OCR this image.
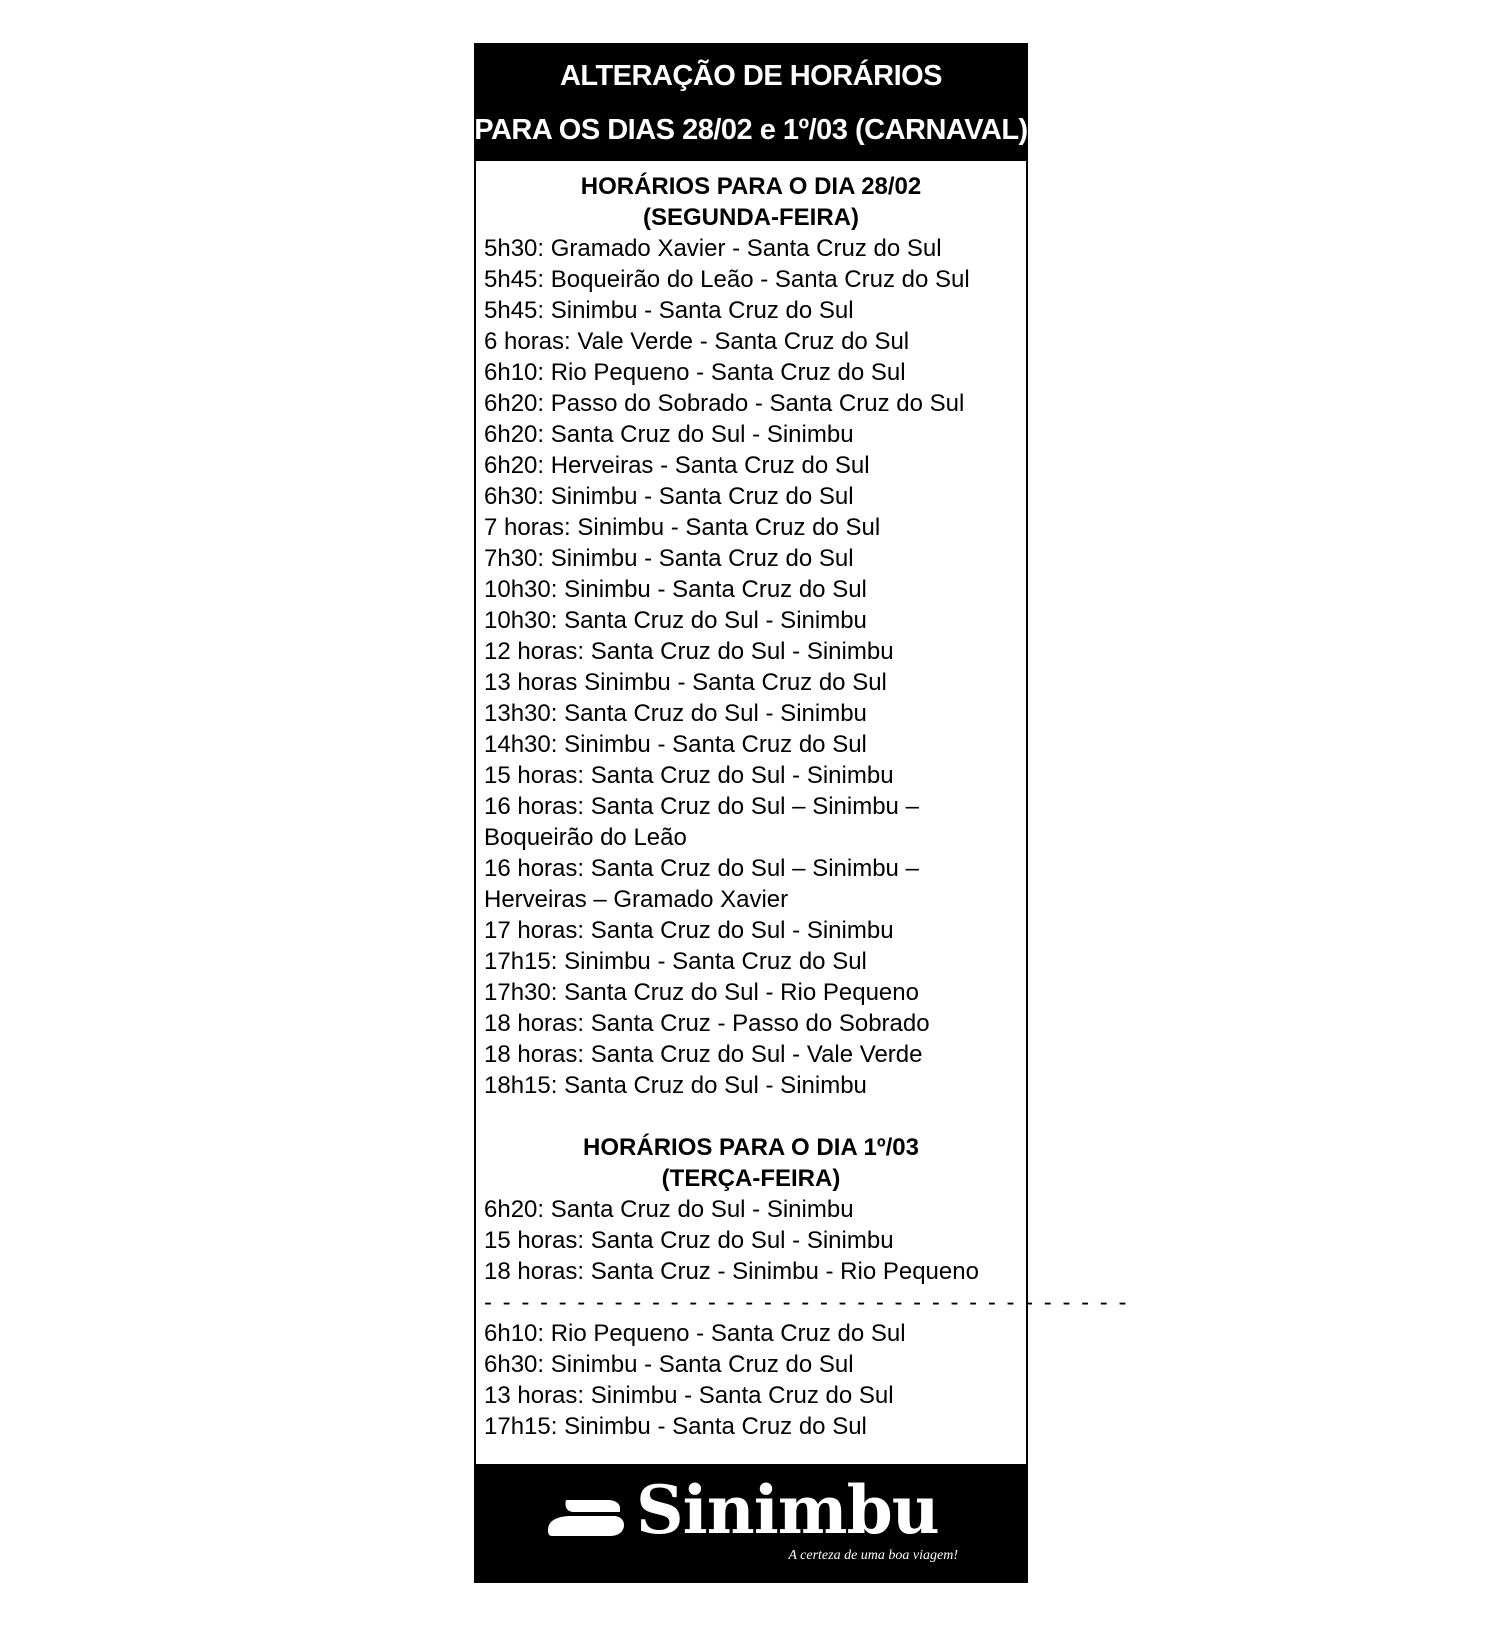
ALTERAÇÃO DE HORÁRIOS
PARA OS DIAS 28/02 e 1º/03 (CARNAVAL)
HORÁRIOS PARA O DIA 28/02
(SEGUNDA-FEIRA)
5h30: Gramado Xavier - Santa Cruz do Sul
5h45: Boqueirão do Leão - Santa Cruz do Sul
5h45: Sinimbu - Santa Cruz do Sul
6 horas: Vale Verde - Santa Cruz do Sul
6h10: Rio Pequeno - Santa Cruz do Sul
6h20: Passo do Sobrado - Santa Cruz do Sul
6h20: Santa Cruz do Sul - Sinimbu
6h20: Herveiras - Santa Cruz do Sul
6h30: Sinimbu - Santa Cruz do Sul
7 horas: Sinimbu - Santa Cruz do Sul
7h30: Sinimbu - Santa Cruz do Sul
10h30: Sinimbu - Santa Cruz do Sul
10h30: Santa Cruz do Sul - Sinimbu
12 horas: Santa Cruz do Sul - Sinimbu
13 horas Sinimbu - Santa Cruz do Sul
13h30: Santa Cruz do Sul - Sinimbu
14h30: Sinimbu - Santa Cruz do Sul
15 horas: Santa Cruz do Sul - Sinimbu
16 horas: Santa Cruz do Sul – Sinimbu –
Boqueirão do Leão
16 horas: Santa Cruz do Sul – Sinimbu –
Herveiras – Gramado Xavier
17 horas: Santa Cruz do Sul - Sinimbu
17h15: Sinimbu - Santa Cruz do Sul
17h30: Santa Cruz do Sul - Rio Pequeno
18 horas: Santa Cruz - Passo do Sobrado
18 horas: Santa Cruz do Sul - Vale Verde
18h15: Santa Cruz do Sul - Sinimbu
HORÁRIOS PARA O DIA 1º/03
(TERÇA-FEIRA)
6h20: Santa Cruz do Sul - Sinimbu
15 horas: Santa Cruz do Sul - Sinimbu
18 horas: Santa Cruz - Sinimbu - Rio Pequeno
- - - - - - - - - - - - - - - - - - - - - - - - - - - - - - - - - - -
6h10: Rio Pequeno - Santa Cruz do Sul
6h30: Sinimbu - Santa Cruz do Sul
13 horas: Sinimbu - Santa Cruz do Sul
17h15: Sinimbu - Santa Cruz do Sul
Sinimbu
A certeza de uma boa viagem!
